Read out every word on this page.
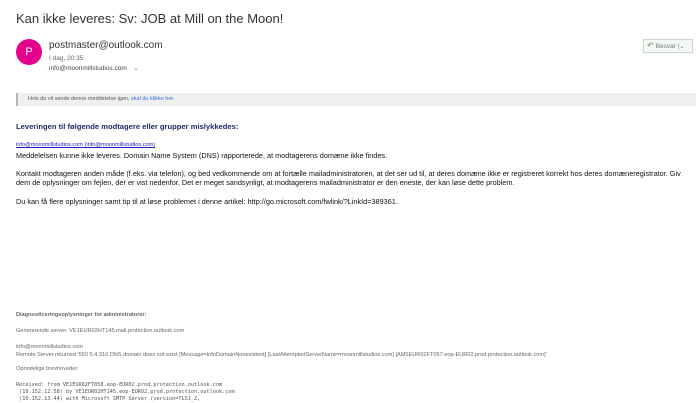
Kan ikke leveres: Sv: JOB at Mill on the Moon!
P
postmaster@outlook.com
I dag, 20:35
info@moonmillstudios.com ⌄
↶ Besvar |⌄
Hvis du vil sende denne meddelelse igen, skal du klikke her.
Leveringen til følgende modtagere eller grupper mislykkedes:
info@moonmillstudios.com (info@moonmillstudios.com)
Meddelelsen kunne ikke leveres. Domain Name System (DNS) rapporterede, at modtagerens domæne ikke findes.
Kontakt modtageren anden måde (f.eks. via telefon), og bed vedkommende om at fortælle mailadministratoren, at det ser ud til, at deres domæne ikke er registreret korrekt hos deres domæneregistrator. Giv dem de oplysninger om fejlen, der er vist nedenfor. Det er meget sandsynligt, at modtagerens mailadministrator er den eneste, der kan løse dette problem.
Du kan få flere oplysninger samt tip til at løse problemet i denne artikel: http://go.microsoft.com/fwlink/?LinkId=389361.
Diagnosticeringsoplysninger for administratorer:
Genererende server: VE1EUR02HT145.mail.protection.outlook.com
info@moonmillstudios.com
Remote Server returned '550 5.4.310 DNS domain does not exist [Message=InfoDomainNonexistent] [LastAttemptedServerName=moonmillstudios.com] [AM5EUR02FT057.eop-EUR02.prod.protection.outlook.com]'
Oprindelige brevhoveder:
Received: from VE1EUR02FT058.eop-EUR02.prod.protection.outlook.com
(10.152.12.58) by VE1EUR02HT145.eop-EUR02.prod.protection.outlook.com
(10.152.13.44) with Microsoft SMTP Server (version=TLS1_2,
